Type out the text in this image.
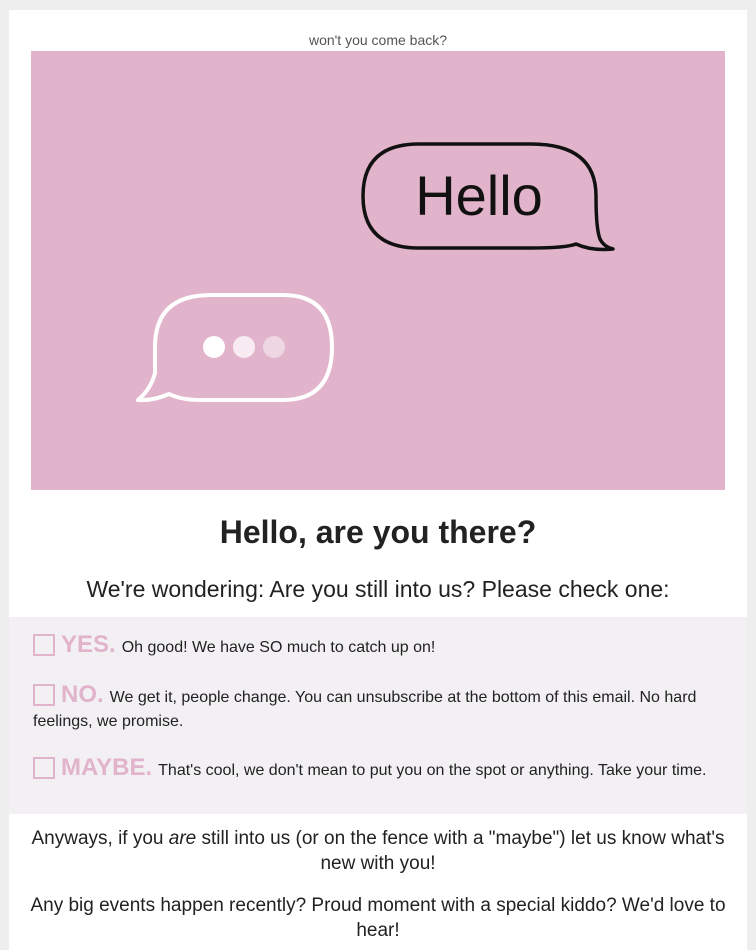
won't you come back?
Hello
Hello, are you there?
We're wondering: Are you still into us? Please check one:
YES. Oh good! We have SO much to catch up on!
NO. We get it, people change. You can unsubscribe at the bottom of this email. No hard feelings, we promise.
MAYBE. That's cool, we don't mean to put you on the spot or anything. Take your time.
Anyways, if you are still into us (or on the fence with a "maybe") let us know what's new with you!
Any big events happen recently? Proud moment with a special kiddo? We'd love to hear!
